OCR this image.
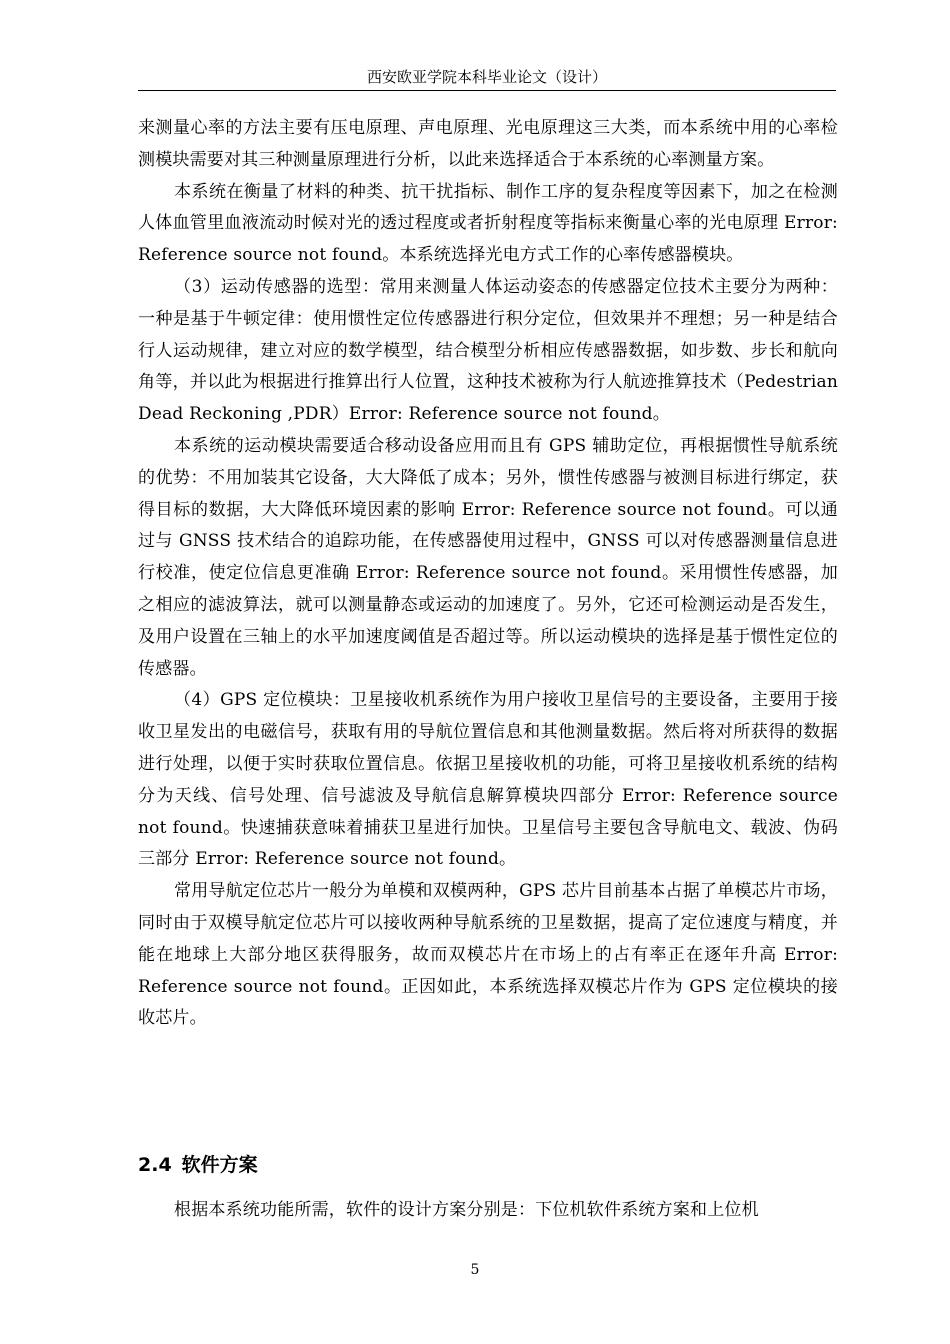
西安欧亚学院本科毕业论文（设计）

来测量心率的方法主要有压电原理、声电原理、光电原理这三大类，而本系统中用的心率检测模块需要对其三种测量原理进行分析，以此来选择适合于本系统的心率测量方案。

本系统在衡量了材料的种类、抗干扰指标、制作工序的复杂程度等因素下，加之在检测人体血管里血液流动时候对光的透过程度或者折射程度等指标来衡量心率的光电原理 Error: Reference source not found。本系统选择光电方式工作的心率传感器模块。

（3）运动传感器的选型：常用来测量人体运动姿态的传感器定位技术主要分为两种：一种是基于牛顿定律：使用惯性定位传感器进行积分定位，但效果并不理想；另一种是结合行人运动规律，建立对应的数学模型，结合模型分析相应传感器数据，如步数、步长和航向角等，并以此为根据进行推算出行人位置，这种技术被称为行人航迹推算技术（Pedestrian Dead Reckoning ,PDR）Error: Reference source not found。

本系统的运动模块需要适合移动设备应用而且有 GPS 辅助定位，再根据惯性导航系统的优势：不用加装其它设备，大大降低了成本；另外，惯性传感器与被测目标进行绑定，获得目标的数据，大大降低环境因素的影响 Error: Reference source not found。可以通过与 GNSS 技术结合的追踪功能，在传感器使用过程中，GNSS 可以对传感器测量信息进行校准，使定位信息更准确 Error: Reference source not found。采用惯性传感器，加之相应的滤波算法，就可以测量静态或运动的加速度了。另外，它还可检测运动是否发生，及用户设置在三轴上的水平加速度阈值是否超过等。所以运动模块的选择是基于惯性定位的传感器。

（4）GPS 定位模块：卫星接收机系统作为用户接收卫星信号的主要设备，主要用于接收卫星发出的电磁信号，获取有用的导航位置信息和其他测量数据。然后将对所获得的数据进行处理，以便于实时获取位置信息。依据卫星接收机的功能，可将卫星接收机系统的结构分为天线、信号处理、信号滤波及导航信息解算模块四部分 Error: Reference source not found。快速捕获意味着捕获卫星进行加快。卫星信号主要包含导航电文、载波、伪码三部分 Error: Reference source not found。

常用导航定位芯片一般分为单模和双模两种，GPS 芯片目前基本占据了单模芯片市场，同时由于双模导航定位芯片可以接收两种导航系统的卫星数据，提高了定位速度与精度，并能在地球上大部分地区获得服务，故而双模芯片在市场上的占有率正在逐年升高 Error: Reference source not found。正因如此，本系统选择双模芯片作为 GPS 定位模块的接收芯片。

2.4 软件方案

根据本系统功能所需，软件的设计方案分别是：下位机软件系统方案和上位机

5
